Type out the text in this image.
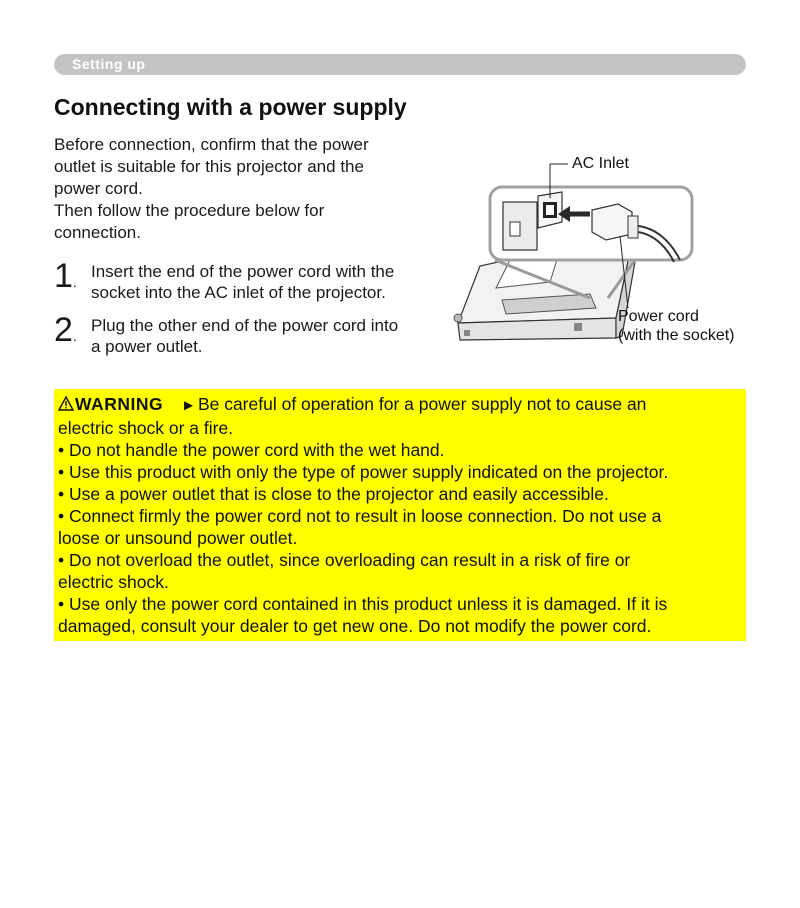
Setting up
Connecting with a power supply

Before connection, confirm that the power

outlet is suitable for this projector and the

power cord.

Then follow the procedure below for

connection.

1.
Insert the end of the power cord with the
socket into the AC inlet of the projector.
2.
Plug the other end of the power cord into
a power outlet.
AC Inlet
Power cord
(with the socket)

WARNING ► Be careful of operation for a power supply not to cause an

electric shock or a fire.

• Do not handle the power cord with the wet hand.

• Use this product with only the type of power supply indicated on the projector.

• Use a power outlet that is close to the projector and easily accessible.

• Connect firmly the power cord not to result in loose connection. Do not use a

loose or unsound power outlet.

• Do not overload the outlet, since overloading can result in a risk of fire or

electric shock.

• Use only the power cord contained in this product unless it is damaged. If it is

damaged, consult your dealer to get new one. Do not modify the power cord.
